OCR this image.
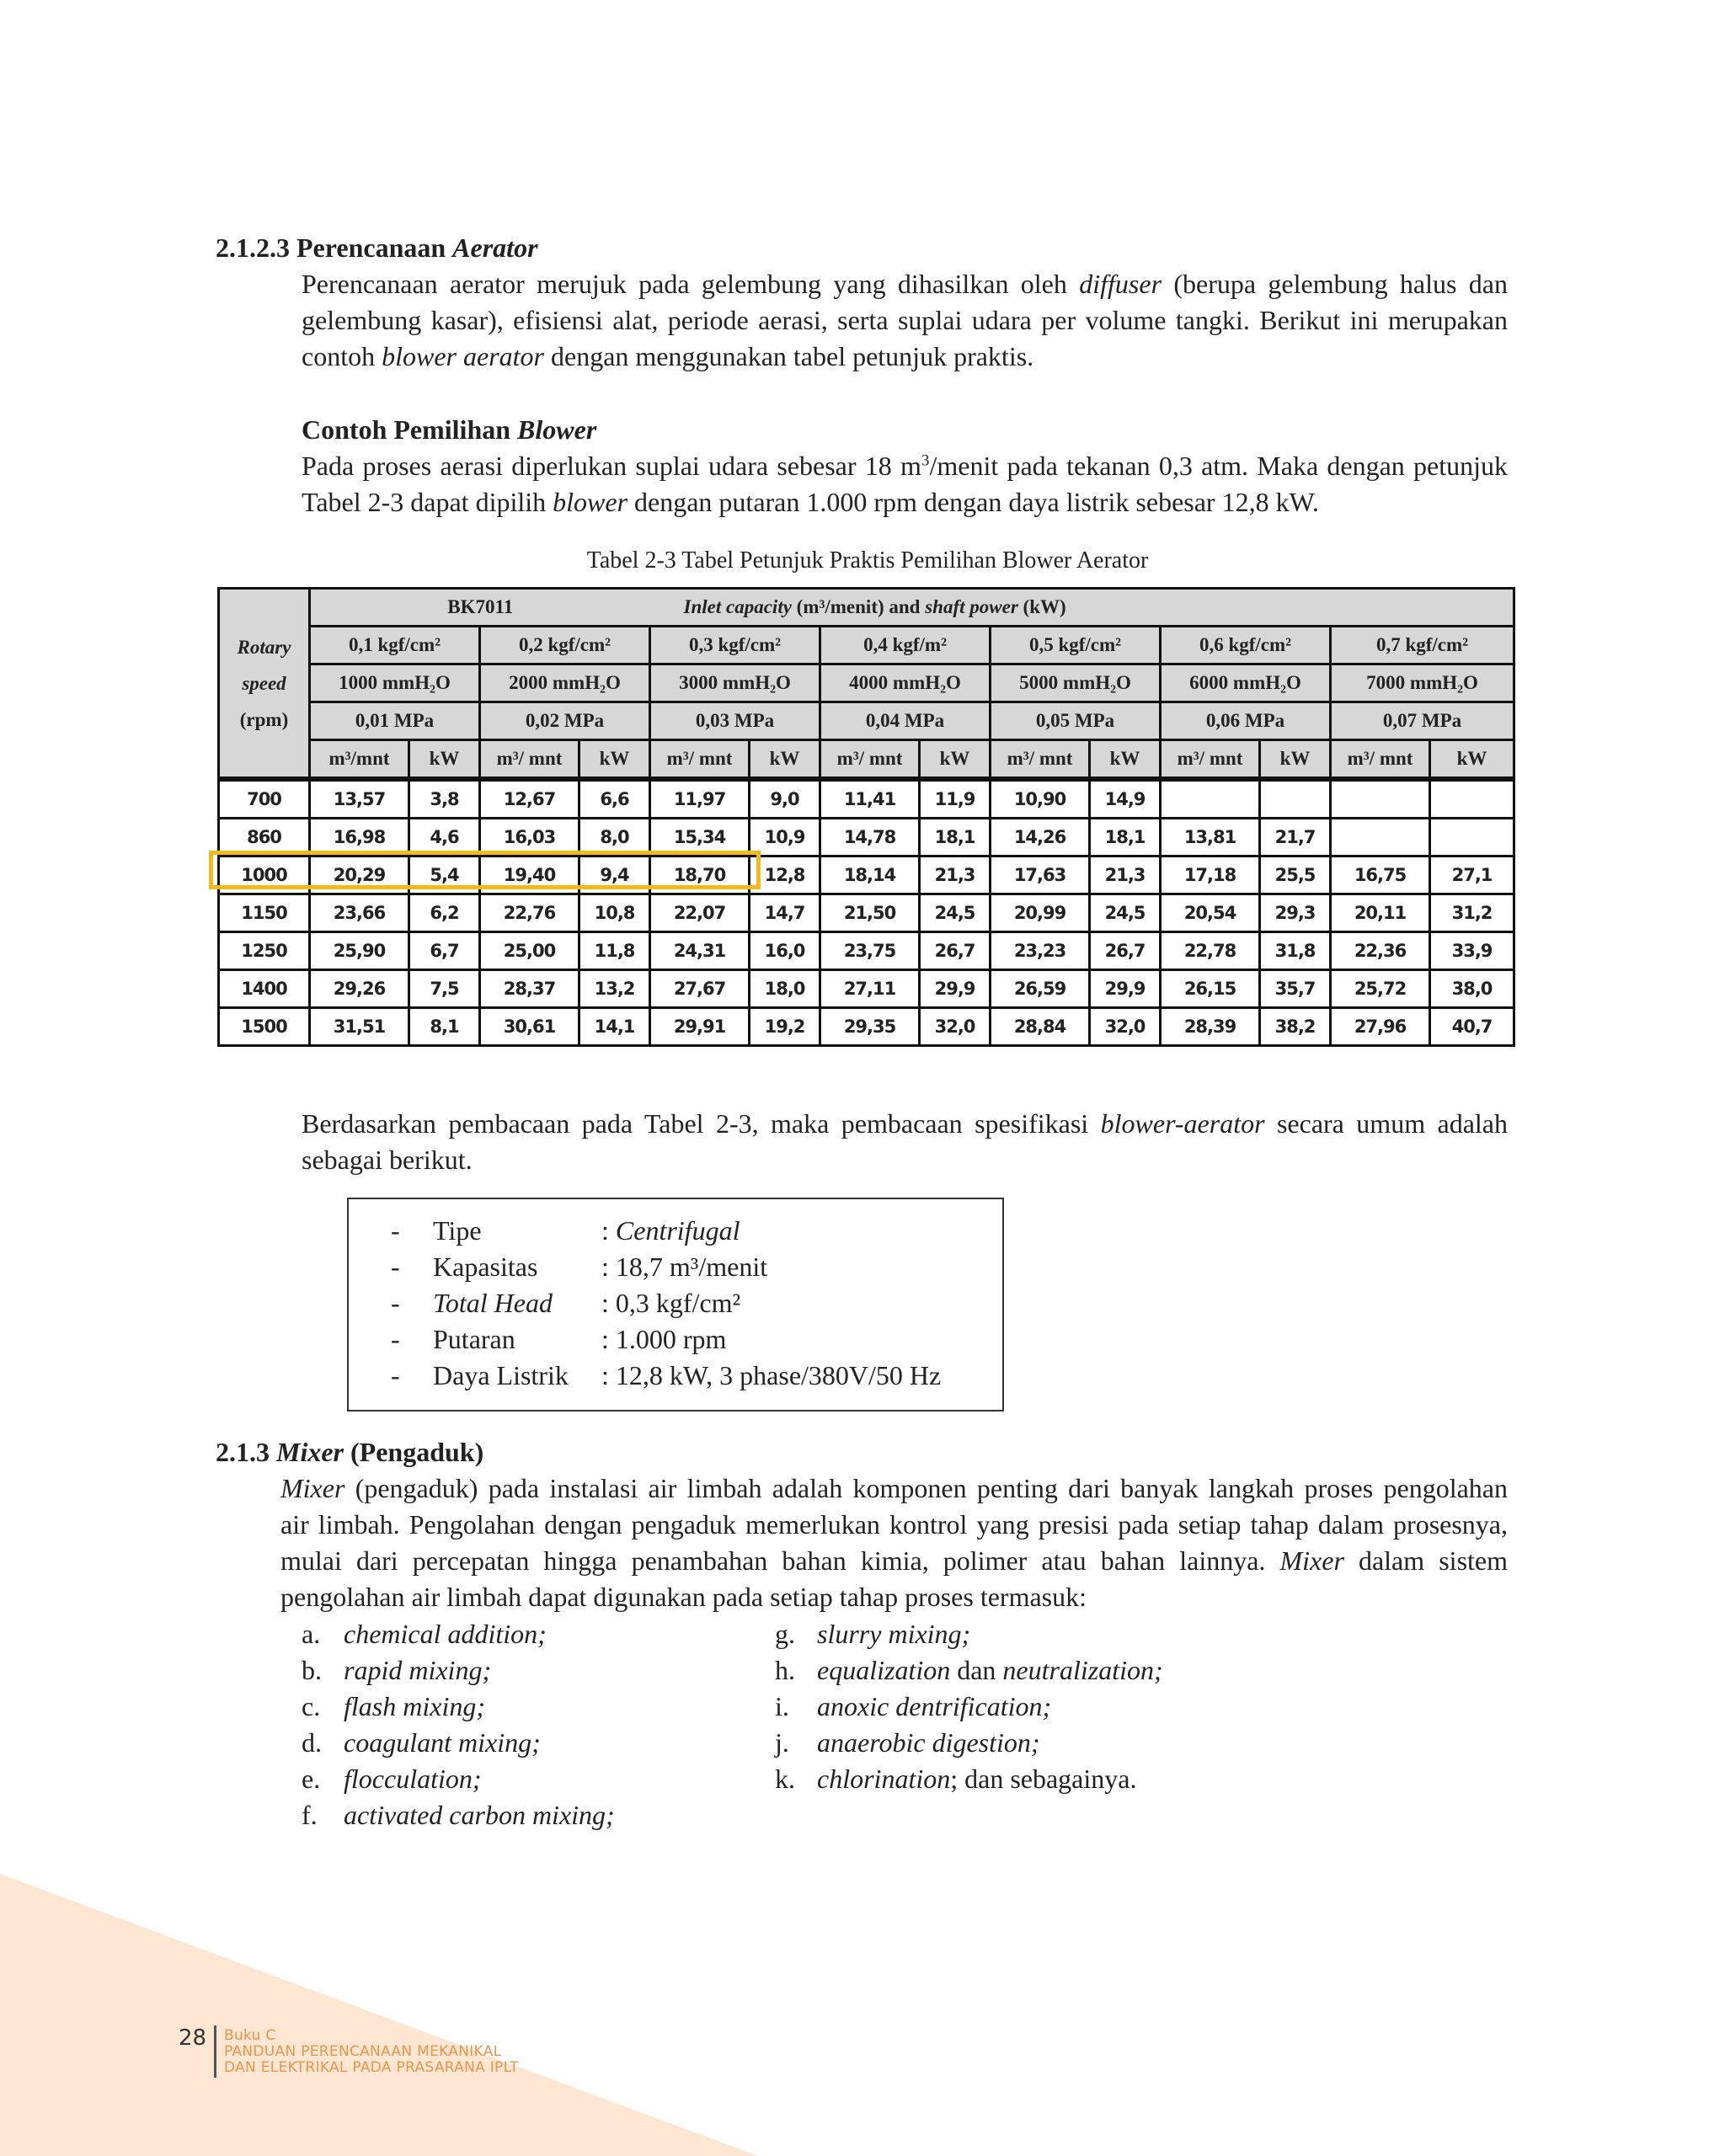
2.1.2.3 Perencanaan Aerator
Perencanaan aerator merujuk pada gelembung yang dihasilkan oleh diffuser (berupa gelembung halus dan
gelembung kasar), efisiensi alat, periode aerasi, serta suplai udara per volume tangki. Berikut ini merupakan
contoh blower aerator dengan menggunakan tabel petunjuk praktis.
Contoh Pemilihan Blower
Pada proses aerasi diperlukan suplai udara sebesar 18 $m^3$/menit pada tekanan 0,3 atm. Maka dengan petunjuk
Tabel 2-3 dapat dipilih blower dengan putaran 1.000 rpm dengan daya listrik sebesar 12,8 kW.
Tabel 2-3 Tabel Petunjuk Praktis Pemilihan Blower Aerator
Rotary
speed
(rpm)	BK7011				Inlet capacity (m³/menit) and shaft power (kW)									
	0,1 kgf/cm²		0,2 kgf/cm²		0,3 kgf/cm²		0,4 kgf/m²		0,5 kgf/cm²		0,6 kgf/cm²		0,7 kgf/cm²	
	1000 mmH₂O		2000 mmH₂O		3000 mmH₂O		4000 mmH₂O		5000 mmH₂O		6000 mmH₂O		7000 mmH₂O	
	0,01 MPa		0,02 MPa		0,03 MPa		0,04 MPa		0,05 MPa		0,06 MPa		0,07 MPa	
	m³/mnt	kW	m³/ mnt	kW	m³/ mnt	kW	m³/ mnt	kW	m³/ mnt	kW	m³/ mnt	kW	m³/ mnt	kW
700	13,57	3,8	12,67	6,6	11,97	9,0	11,41	11,9	10,90	14,9				
860	16,98	4,6	16,03	8,0	15,34	10,9	14,78	18,1	14,26	18,1	13,81	21,7		
1000	20,29	5,4	19,40	9,4	18,70	12,8	18,14	21,3	17,63	21,3	17,18	25,5	16,75	27,1
1150	23,66	6,2	22,76	10,8	22,07	14,7	21,50	24,5	20,99	24,5	20,54	29,3	20,11	31,2
1250	25,90	6,7	25,00	11,8	24,31	16,0	23,75	26,7	23,23	26,7	22,78	31,8	22,36	33,9
1400	29,26	7,5	28,37	13,2	27,67	18,0	27,11	29,9	26,59	29,9	26,15	35,7	25,72	38,0
1500	31,51	8,1	30,61	14,1	29,91	19,2	29,35	32,0	28,84	32,0	28,39	38,2	27,96	40,7
Berdasarkan pembacaan pada Tabel 2-3, maka pembacaan spesifikasi blower-aerator secara umum adalah
sebagai berikut.
- Tipe	: Centrifugal
- Kapasitas : 18,7 m³/menit
- Total Head : 0,3 kgf/cm²
- Putaran	: 1.000 rpm
- Daya Listrik : 12,8 kW, 3 phase/380V/50 Hz
2.1.3 Mixer (Pengaduk)
Mixer (pengaduk) pada instalasi air limbah adalah komponen penting dari banyak langkah proses pengolahan
air limbah. Pengolahan dengan pengaduk memerlukan kontrol yang presisi pada setiap tahap dalam prosesnya,
mulai dari percepatan hingga penambahan bahan kimia, polimer atau bahan lainnya. Mixer dalam sistem
pengolahan air limbah dapat digunakan pada setiap tahap proses termasuk:
a. chemical addition;
b. rapid mixing;
c. flash mixing;
d. coagulant mixing;
e. flocculation;
f. activated carbon mixing;
g. slurry mixing;
h. equalization dan neutralization;
i. anoxic dentrification;
j. anaerobic digestion;
k. chlorination; dan sebagainya.
28 Buku C
PANDUAN PERENCANAAN MEKANIKAL
DAN ELEKTRIKAL PADA PRASARANA IPLT
